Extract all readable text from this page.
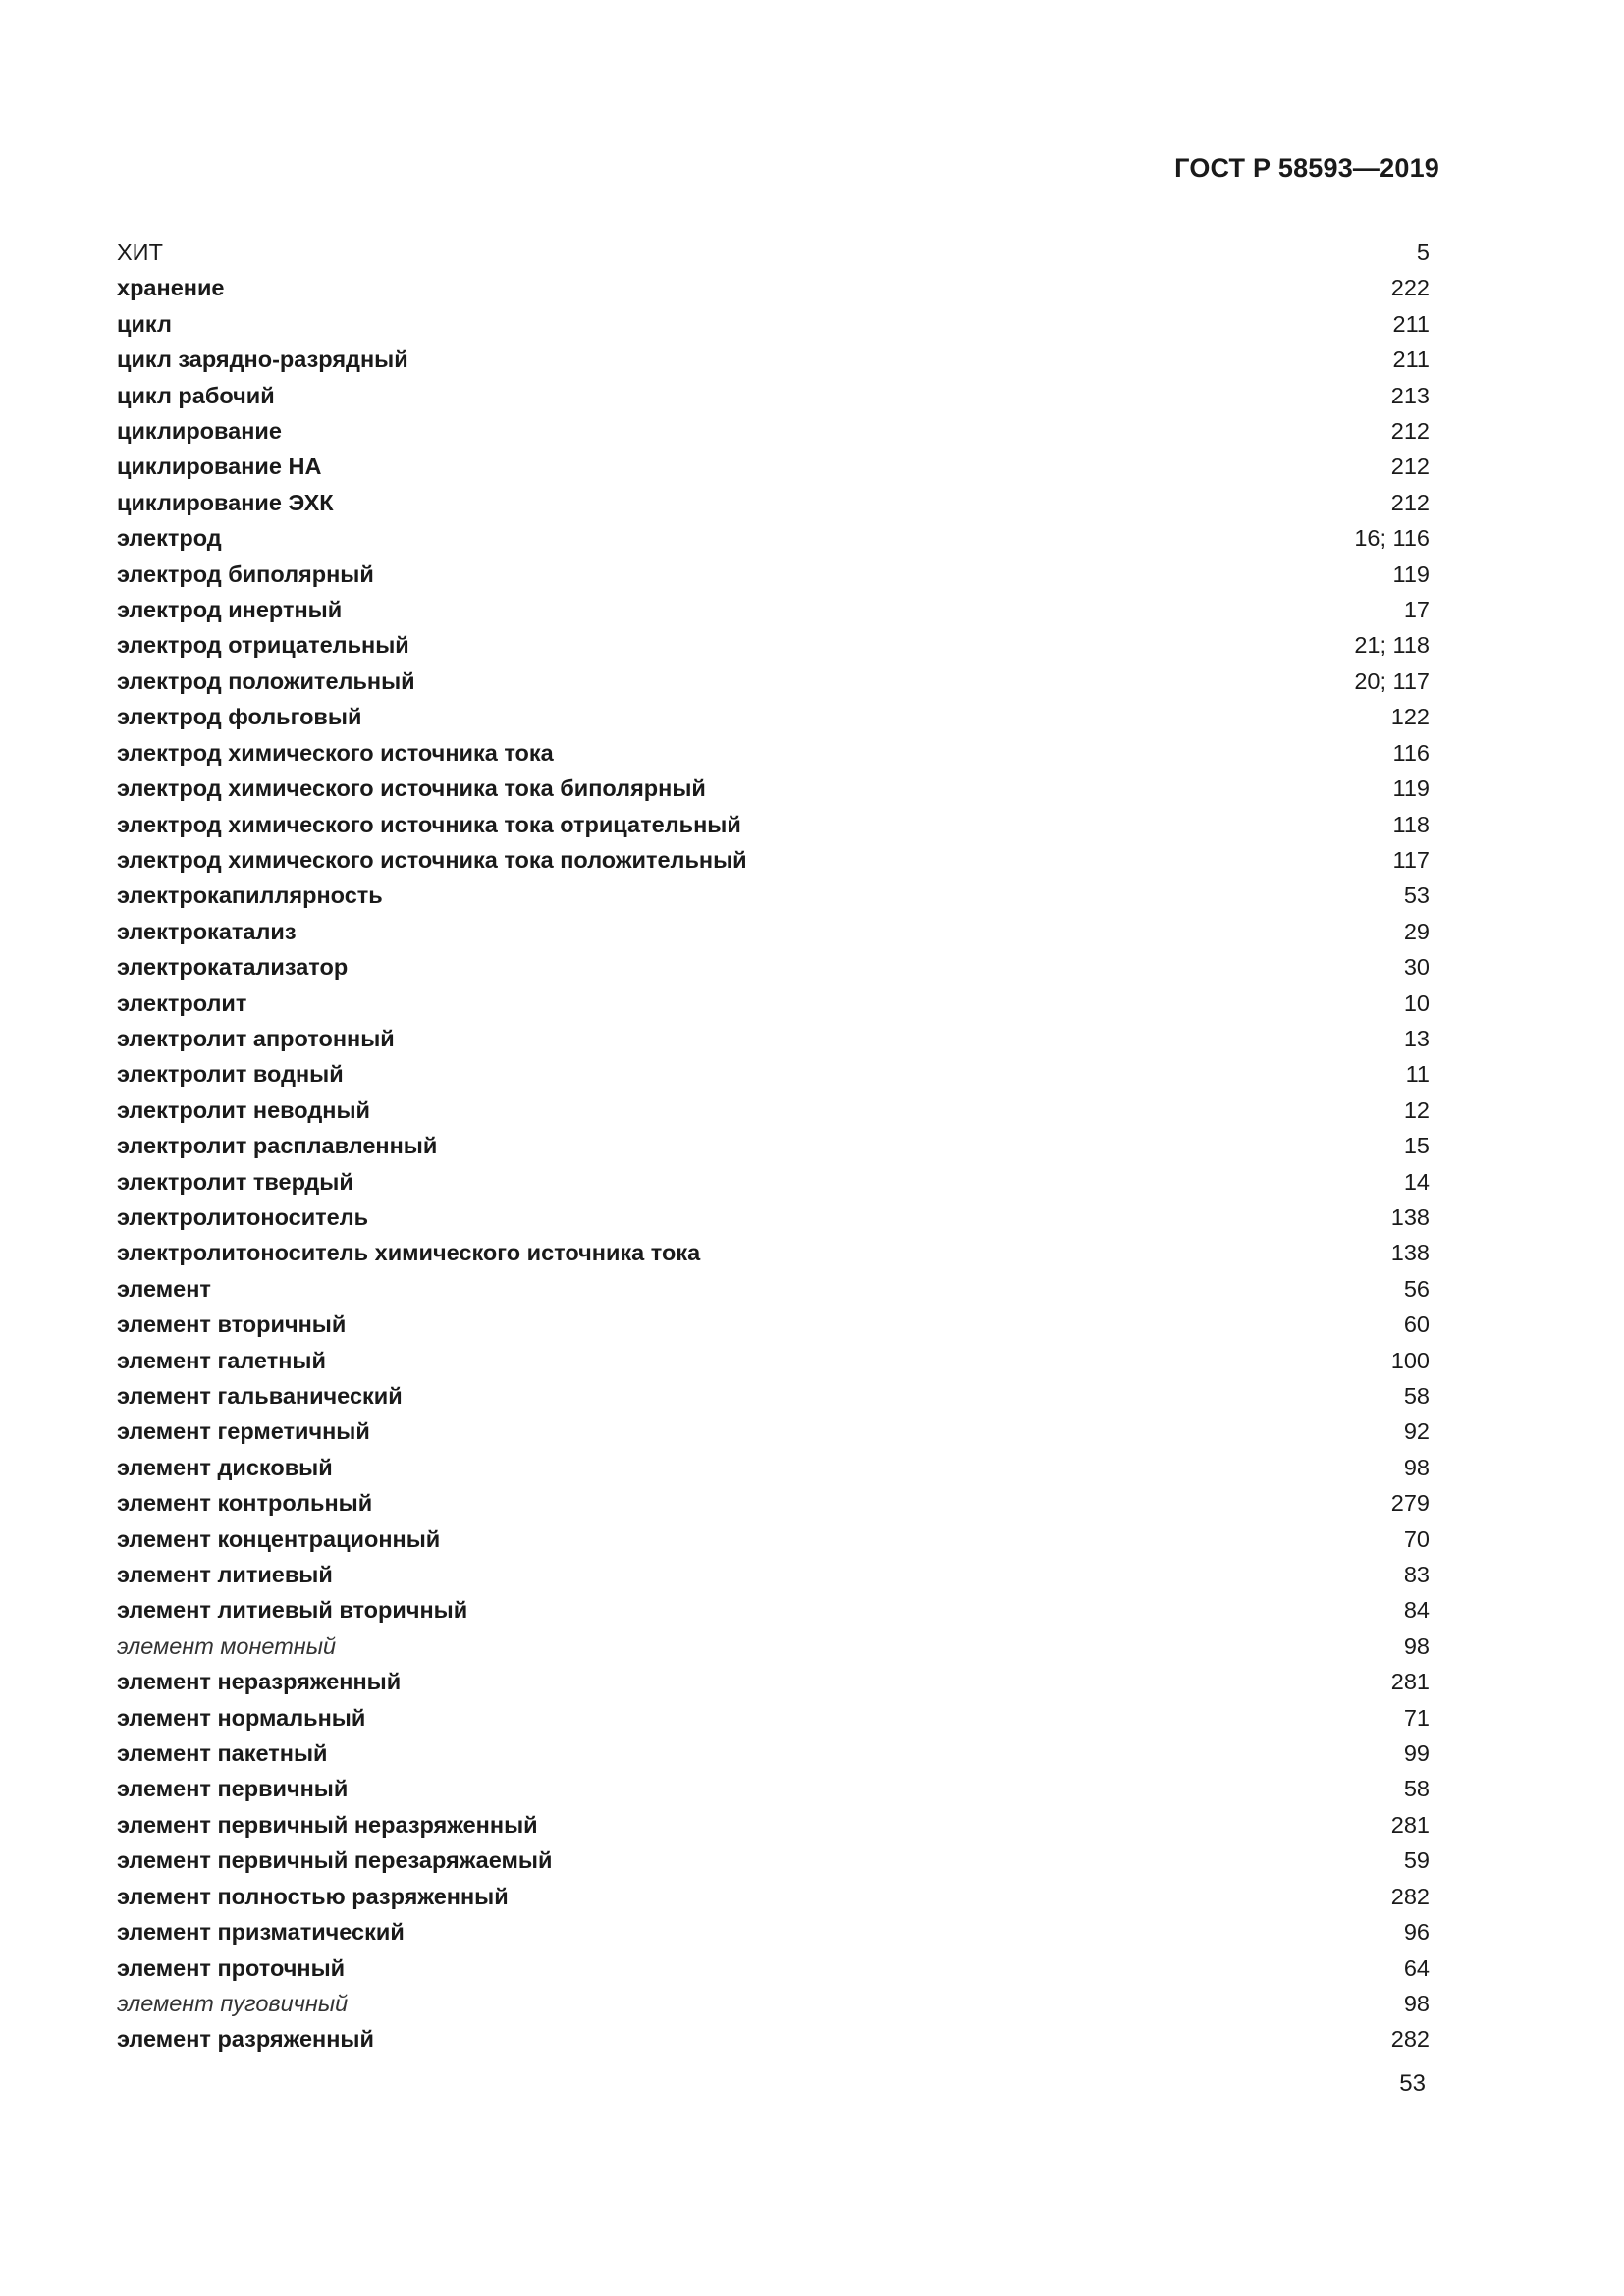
ГОСТ Р 58593—2019
ХИТ	5
хранение	222
цикл	211
цикл зарядно-разрядный	211
цикл рабочий	213
циклирование	212
циклирование НА	212
циклирование ЭХК	212
электрод	16; 116
электрод биполярный	119
электрод инертный	17
электрод отрицательный	21; 118
электрод положительный	20; 117
электрод фольговый	122
электрод химического источника тока	116
электрод химического источника тока биполярный	119
электрод химического источника тока отрицательный	118
электрод химического источника тока положительный	117
электрокапиллярность	53
электрокатализ	29
электрокатализатор	30
электролит	10
электролит апротонный	13
электролит водный	11
электролит неводный	12
электролит расплавленный	15
электролит твердый	14
электролитоноситель	138
электролитоноситель химического источника тока	138
элемент	56
элемент вторичный	60
элемент галетный	100
элемент гальванический	58
элемент герметичный	92
элемент дисковый	98
элемент контрольный	279
элемент концентрационный	70
элемент литиевый	83
элемент литиевый вторичный	84
элемент монетный	98
элемент неразряженный	281
элемент нормальный	71
элемент пакетный	99
элемент первичный	58
элемент первичный неразряженный	281
элемент первичный перезаряжаемый	59
элемент полностью разряженный	282
элемент призматический	96
элемент проточный	64
элемент пуговичный	98
элемент разряженный	282
53
